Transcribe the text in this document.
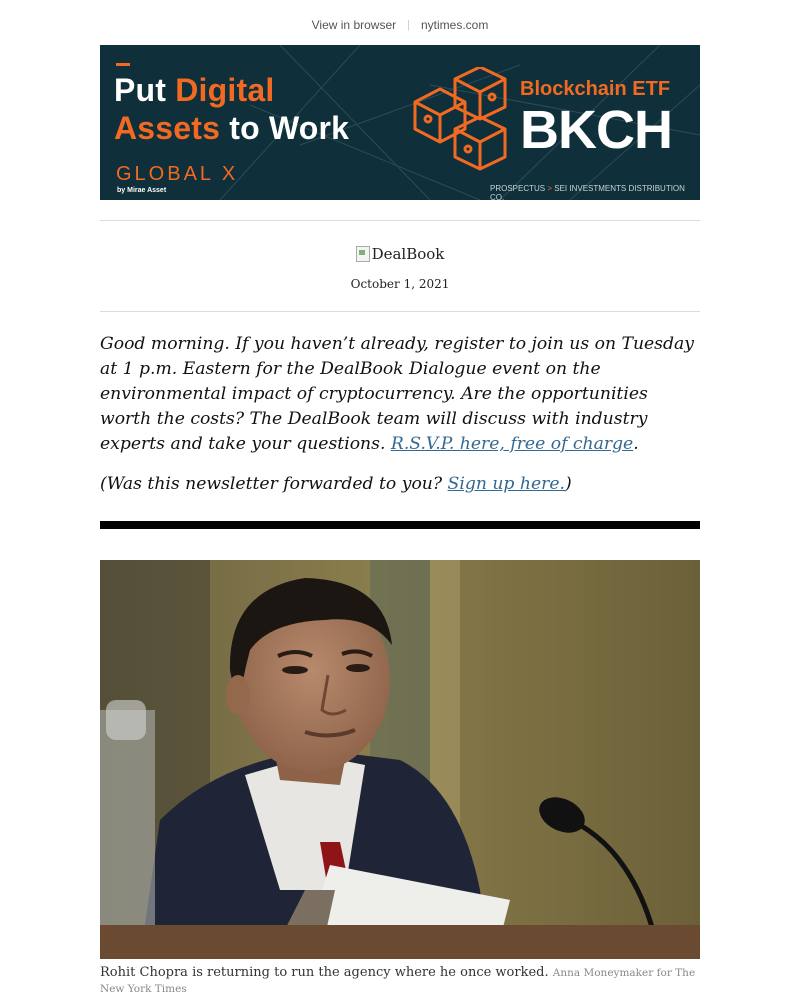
View in browser | nytimes.com
Put Digital
Assets to Work
GLOBAL X
by Mirae Asset
Blockchain ETF
BKCH
PROSPECTUS > SEI INVESTMENTS DISTRIBUTION CO.
DealBook
October 1, 2021

Good morning. If you haven’t already, register to join us on Tuesday at 1 p.m. Eastern for the DealBook Dialogue event on the environmental impact of cryptocurrency. Are the opportunities worth the costs? The DealBook team will discuss with industry experts and take your questions. R.S.V.P. here, free of charge.

(Was this newsletter forwarded to you? Sign up here.)

Rohit Chopra is returning to run the agency where he once worked. Anna Moneymaker for The New York Times
